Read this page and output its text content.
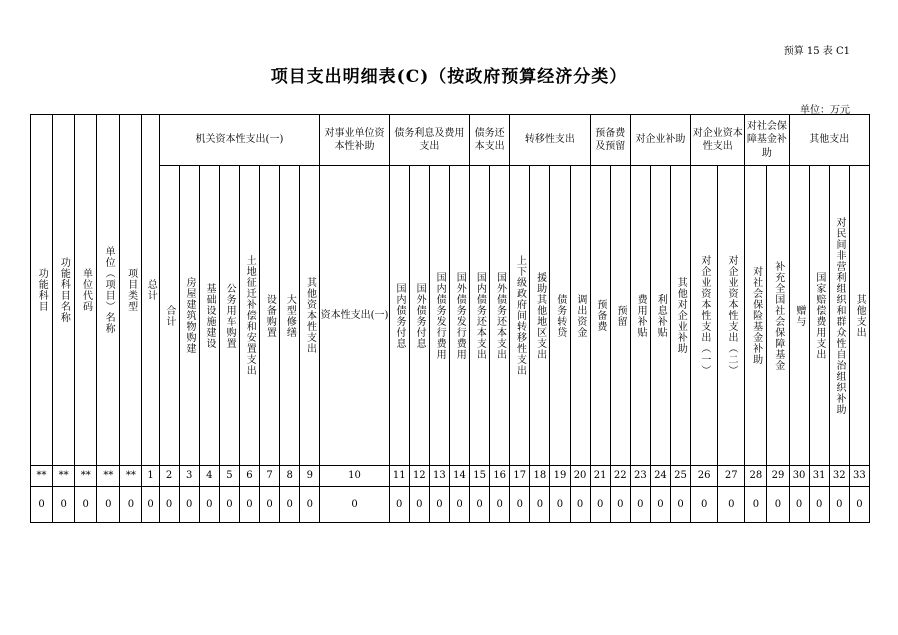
预算 15 表 C1
项目支出明细表(C)（按政府预算经济分类）
单位：万元
功能科目	功能科目名称	单位代码	单位（项目）名称	项目类型	总计	机关资本性支出(一)								对事业单位资本性补助	债务利息及费用支出				债务还本支出		转移性支出				预备费及预留		对企业补助			对企业资本性支出		对社会保障基金补助		其他支出			
						合计	房屋建筑物购建	基础设施建设	公务用车购置	土地征迁补偿和安置支出	设备购置	大型修缮	其他资本性支出	资本性支出(一)	国内债务付息	国外债务付息	国内债务发行费用	国外债务发行费用	国内债务还本支出	国外债务还本支出	上下级政府间转移性支出	援助其他地区支出	债务转贷	调出资金	预备费	预留	费用补贴	利息补贴	其他对企业补助	对企业资本性支出（一）	对企业资本性支出（二）	对社会保险基金补助	补充全国社会保障基金	赠与	国家赔偿费用支出	对民间非营利组织和群众性自治组织补助	其他支出
**	**	**	**	**	1	2	3	4	5	6	7	8	9	10	11	12	13	14	15	16	17	18	19	20	21	22	23	24	25	26	27	28	29	30	31	32	33
0	0	0	0	0	0	0	0	0	0	0	0	0	0	0	0	0	0	0	0	0	0	0	0	0	0	0	0	0	0	0	0	0	0	0	0	0	0
